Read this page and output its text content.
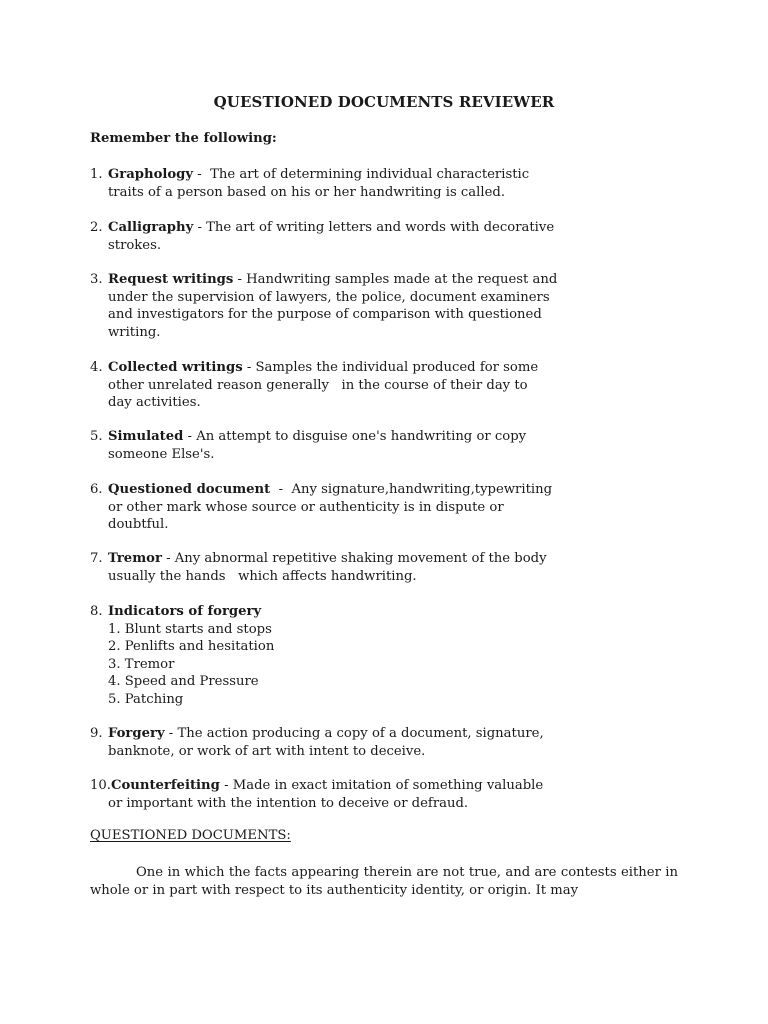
QUESTIONED DOCUMENTS REVIEWER
Remember the following:
1. Graphology -  The art of determining individual characteristic
traits of a person based on his or her handwriting is called.
2. Calligraphy - The art of writing letters and words with decorative
strokes.
3. Request writings - Handwriting samples made at the request and
under the supervision of lawyers, the police, document examiners
and investigators for the purpose of comparison with questioned
writing.
4. Collected writings - Samples the individual produced for some
other unrelated reason generally   in the course of their day to
day activities.
5. Simulated - An attempt to disguise one's handwriting or copy
someone Else's.
6. Questioned document  -  Any signature,handwriting,typewriting
or other mark whose source or authenticity is in dispute or
doubtful.
7. Tremor - Any abnormal repetitive shaking movement of the body
usually the hands   which affects handwriting.
8. Indicators of forgery
1. Blunt starts and stops
2. Penlifts and hesitation
3. Tremor
4. Speed and Pressure
5. Patching
9. Forgery - The action producing a copy of a document, signature,
banknote, or work of art with intent to deceive.
10.Counterfeiting - Made in exact imitation of something valuable
or important with the intention to deceive or defraud.
QUESTIONED DOCUMENTS:
One in which the facts appearing therein are not true, and are contests either in whole or in part with respect to its authenticity identity, or origin. It may
